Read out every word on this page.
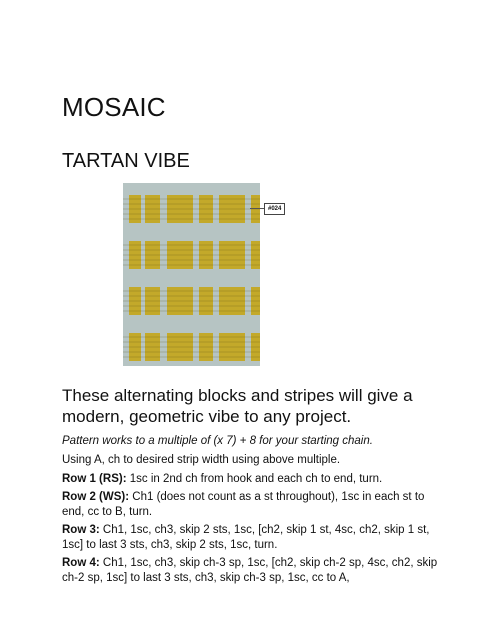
MOSAIC
TARTAN VIBE
#024
These alternating blocks and stripes will give a modern, geometric vibe to any project.
Pattern works to a multiple of (x 7) + 8 for your starting chain.

Using A, ch to desired strip width using above multiple.

Row 1 (RS): 1sc in 2nd ch from hook and each ch to end, turn.

Row 2 (WS): Ch1 (does not count as a st throughout), 1sc in each st to end, cc to B, turn.

Row 3: Ch1, 1sc, ch3, skip 2 sts, 1sc, [ch2, skip 1 st, 4sc, ch2, skip 1 st, 1sc] to last 3 sts, ch3, skip 2 sts, 1sc, turn.

Row 4: Ch1, 1sc, ch3, skip ch-3 sp, 1sc, [ch2, skip ch-2 sp, 4sc, ch2, skip ch-2 sp, 1sc] to last 3 sts, ch3, skip ch-3 sp, 1sc, cc to A,
